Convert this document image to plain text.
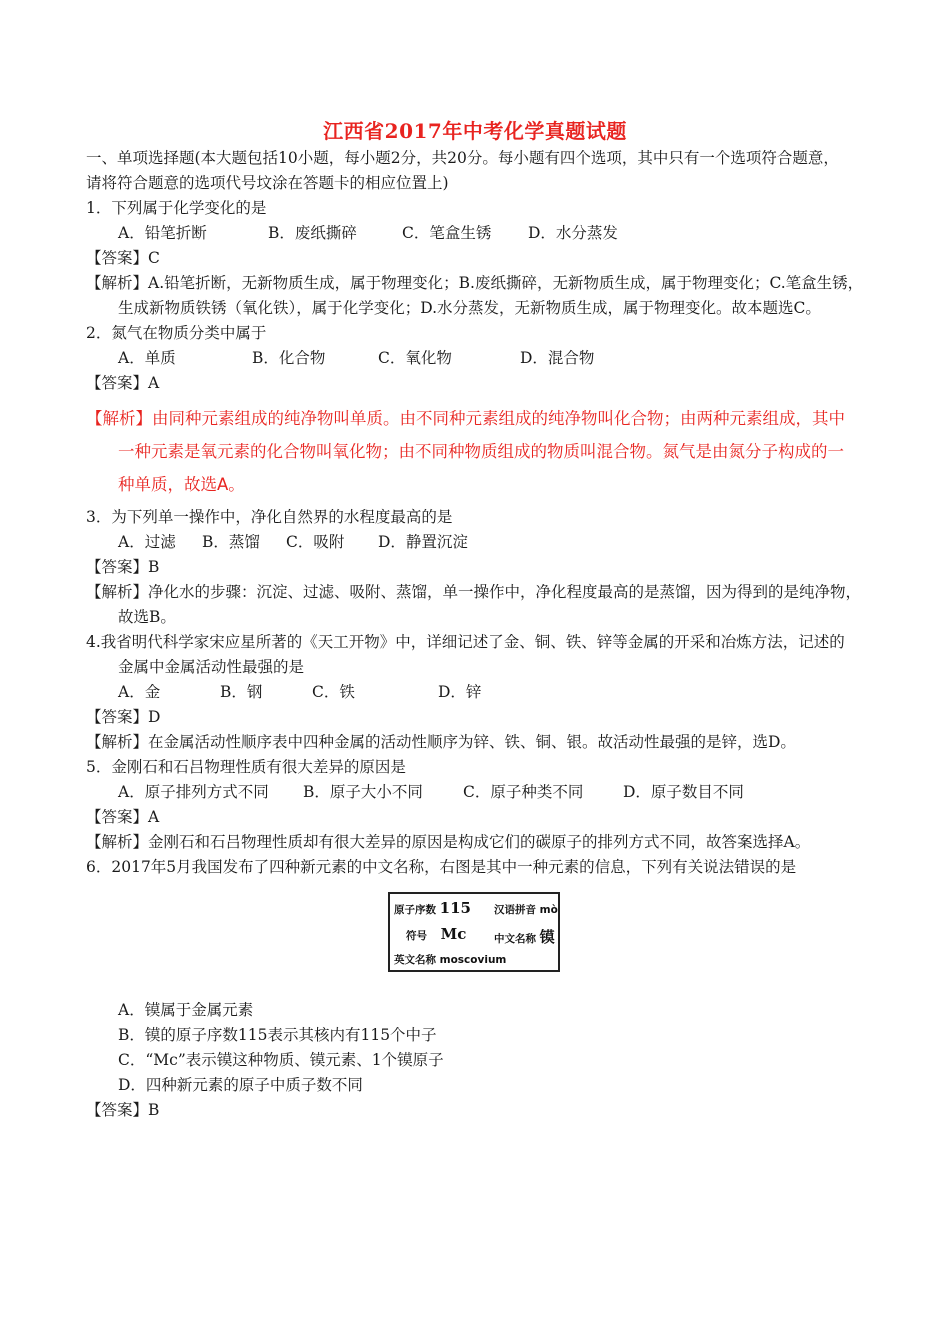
江西省2017年中考化学真题试题
一、单项选择题(本大题包括10小题，每小题2分，共20分。每小题有四个选项，其中只有一个选项符合题意，
请将符合题意的选项代号坟涂在答题卡的相应位置上)
1．下列属于化学变化的是
A．铅笔折断	B．废纸撕碎	C．笔盒生锈 D．水分蒸发
【答案】C
【解析】A.铅笔折断，无新物质生成，属于物理变化；B.废纸撕碎，无新物质生成，属于物理变化；C.笔盒生锈，
生成新物质铁锈（氧化铁），属于化学变化；D.水分蒸发，无新物质生成，属于物理变化。故本题选C。
2．氮气在物质分类中属于
A．单质	B．化合物	C．氧化物	D．混合物
【答案】A
【解析】由同种元素组成的纯净物叫单质。由不同种元素组成的纯净物叫化合物；由两种元素组成，其中
一种元素是氧元素的化合物叫氧化物；由不同种物质组成的物质叫混合物。氮气是由氮分子构成的一
种单质，故选A。
3．为下列单一操作中，净化自然界的水程度最高的是
A．过滤 B．蒸馏 C．吸附 D．静置沉淀
【答案】B
【解析】净化水的步骤：沉淀、过滤、吸附、蒸馏，单一操作中，净化程度最高的是蒸馏，因为得到的是纯净物，
故选B。
4.我省明代科学家宋应星所著的《天工开物》中，详细记述了金、铜、铁、锌等金属的开采和冶炼方法，记述的
金属中金属活动性最强的是
A．金	B．钢	C．铁	D．锌
【答案】D
【解析】在金属活动性顺序表中四种金属的活动性顺序为锌、铁、铜、银。故活动性最强的是锌，选D。
5．金刚石和石吕物理性质有很大差异的原因是
A．原子排列方式不同 B．原子大小不同	C．原子种类不同	D．原子数目不同
【答案】A
【解析】金刚石和石吕物理性质却有很大差异的原因是构成它们的碳原子的排列方式不同，故答案选择A。
6．2017年5月我国发布了四种新元素的中文名称，右图是其中一种元素的信息，下列有关说法错误的是
原子序数 115 汉语拼音 mò
符号 Mc	中文名称 镆
英文名称 moscovium
A．镆属于金属元素
B．镆的原子序数115表示其核内有115个中子
C．“Mc”表示镆这种物质、镆元素、1个镆原子
D．四种新元素的原子中质子数不同
【答案】B
